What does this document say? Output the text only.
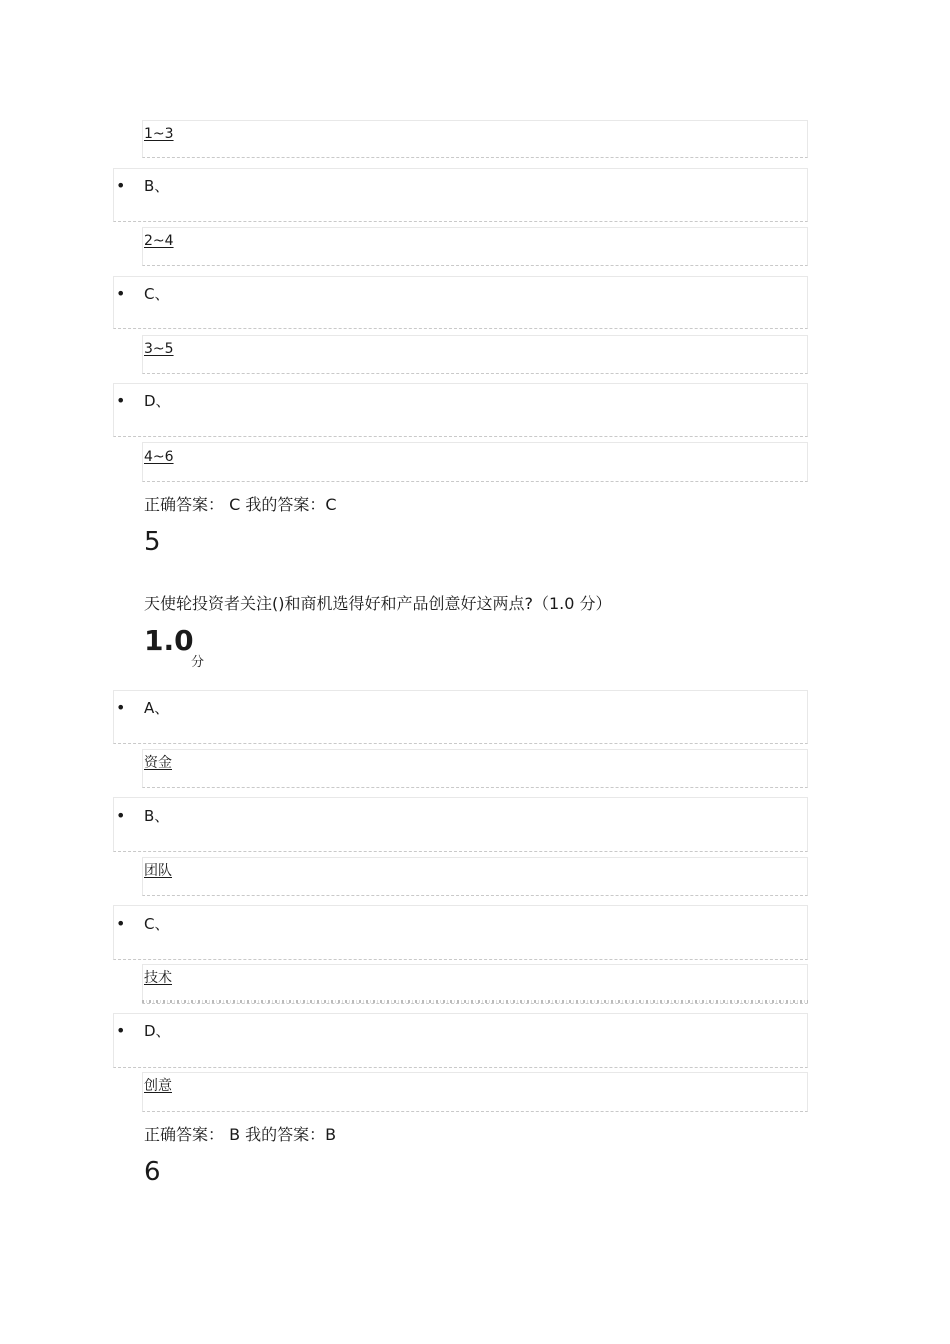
1~3
• B、
2~4
• C、
3~5
• D、
4~6
正确答案： C 我的答案：C
5
天使轮投资者关注()和商机选得好和产品创意好这两点?（1.0 分）
1.0
分
• A、
资金
• B、
团队
• C、
技术
• D、
创意
正确答案： B 我的答案：B
6
